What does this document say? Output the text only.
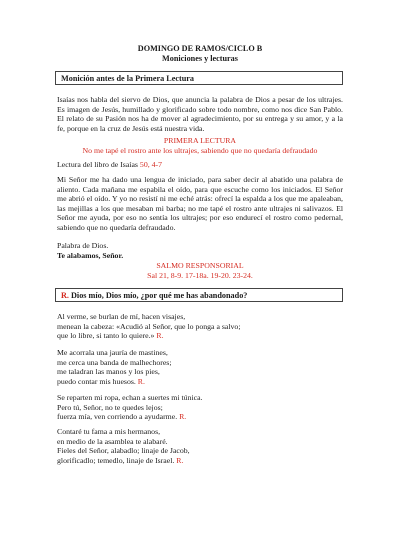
DOMINGO DE RAMOS/CICLO B
Moniciones y lecturas
Monición antes de la Primera Lectura
Isaías nos habla del siervo de Dios, que anuncia la palabra de Dios a pesar de los ultrajes. Es imagen de Jesús, humillado y glorificado sobre todo nombre, como nos dice San Pablo. El relato de su Pasión nos ha de mover al agradecimiento, por su entrega y su amor, y a la fe, porque en la cruz de Jesús está nuestra vida.
PRIMERA LECTURA
No me tapé el rostro ante los ultrajes, sabiendo que no quedaría defraudado
Lectura del libro de Isaías 50, 4-7
Mi Señor me ha dado una lengua de iniciado, para saber decir al abatido una palabra de aliento. Cada mañana me espabila el oído, para que escuche como los iniciados. El Señor me abrió el oído. Y yo no resistí ni me eché atrás: ofrecí la espalda a los que me apaleaban, las mejillas a los que mesaban mi barba; no me tapé el rostro ante ultrajes ni salivazos. El Señor me ayuda, por eso no sentía los ultrajes; por eso endurecí el rostro como pedernal, sabiendo que no quedaría defraudado.
Palabra de Dios.
Te alabamos, Señor.
SALMO RESPONSORIAL
Sal 21, 8-9. 17-18a. 19-20. 23-24.
R. Dios mío, Dios mío, ¿por qué me has abandonado?
Al verme, se burlan de mí, hacen visajes,
menean la cabeza: «Acudió al Señor, que lo ponga a salvo;
que lo libre, si tanto lo quiere.» R.
Me acorrala una jauría de mastines,
me cerca una banda de malhechores;
me taladran las manos y los pies,
puedo contar mis huesos. R.
Se reparten mi ropa, echan a suertes mi túnica.
Pero tú, Señor, no te quedes lejos;
fuerza mía, ven corriendo a ayudarme. R.
Contaré tu fama a mis hermanos,
en medio de la asamblea te alabaré.
Fieles del Señor, alabadlo; linaje de Jacob,
glorificadlo; temedlo, linaje de Israel. R.
